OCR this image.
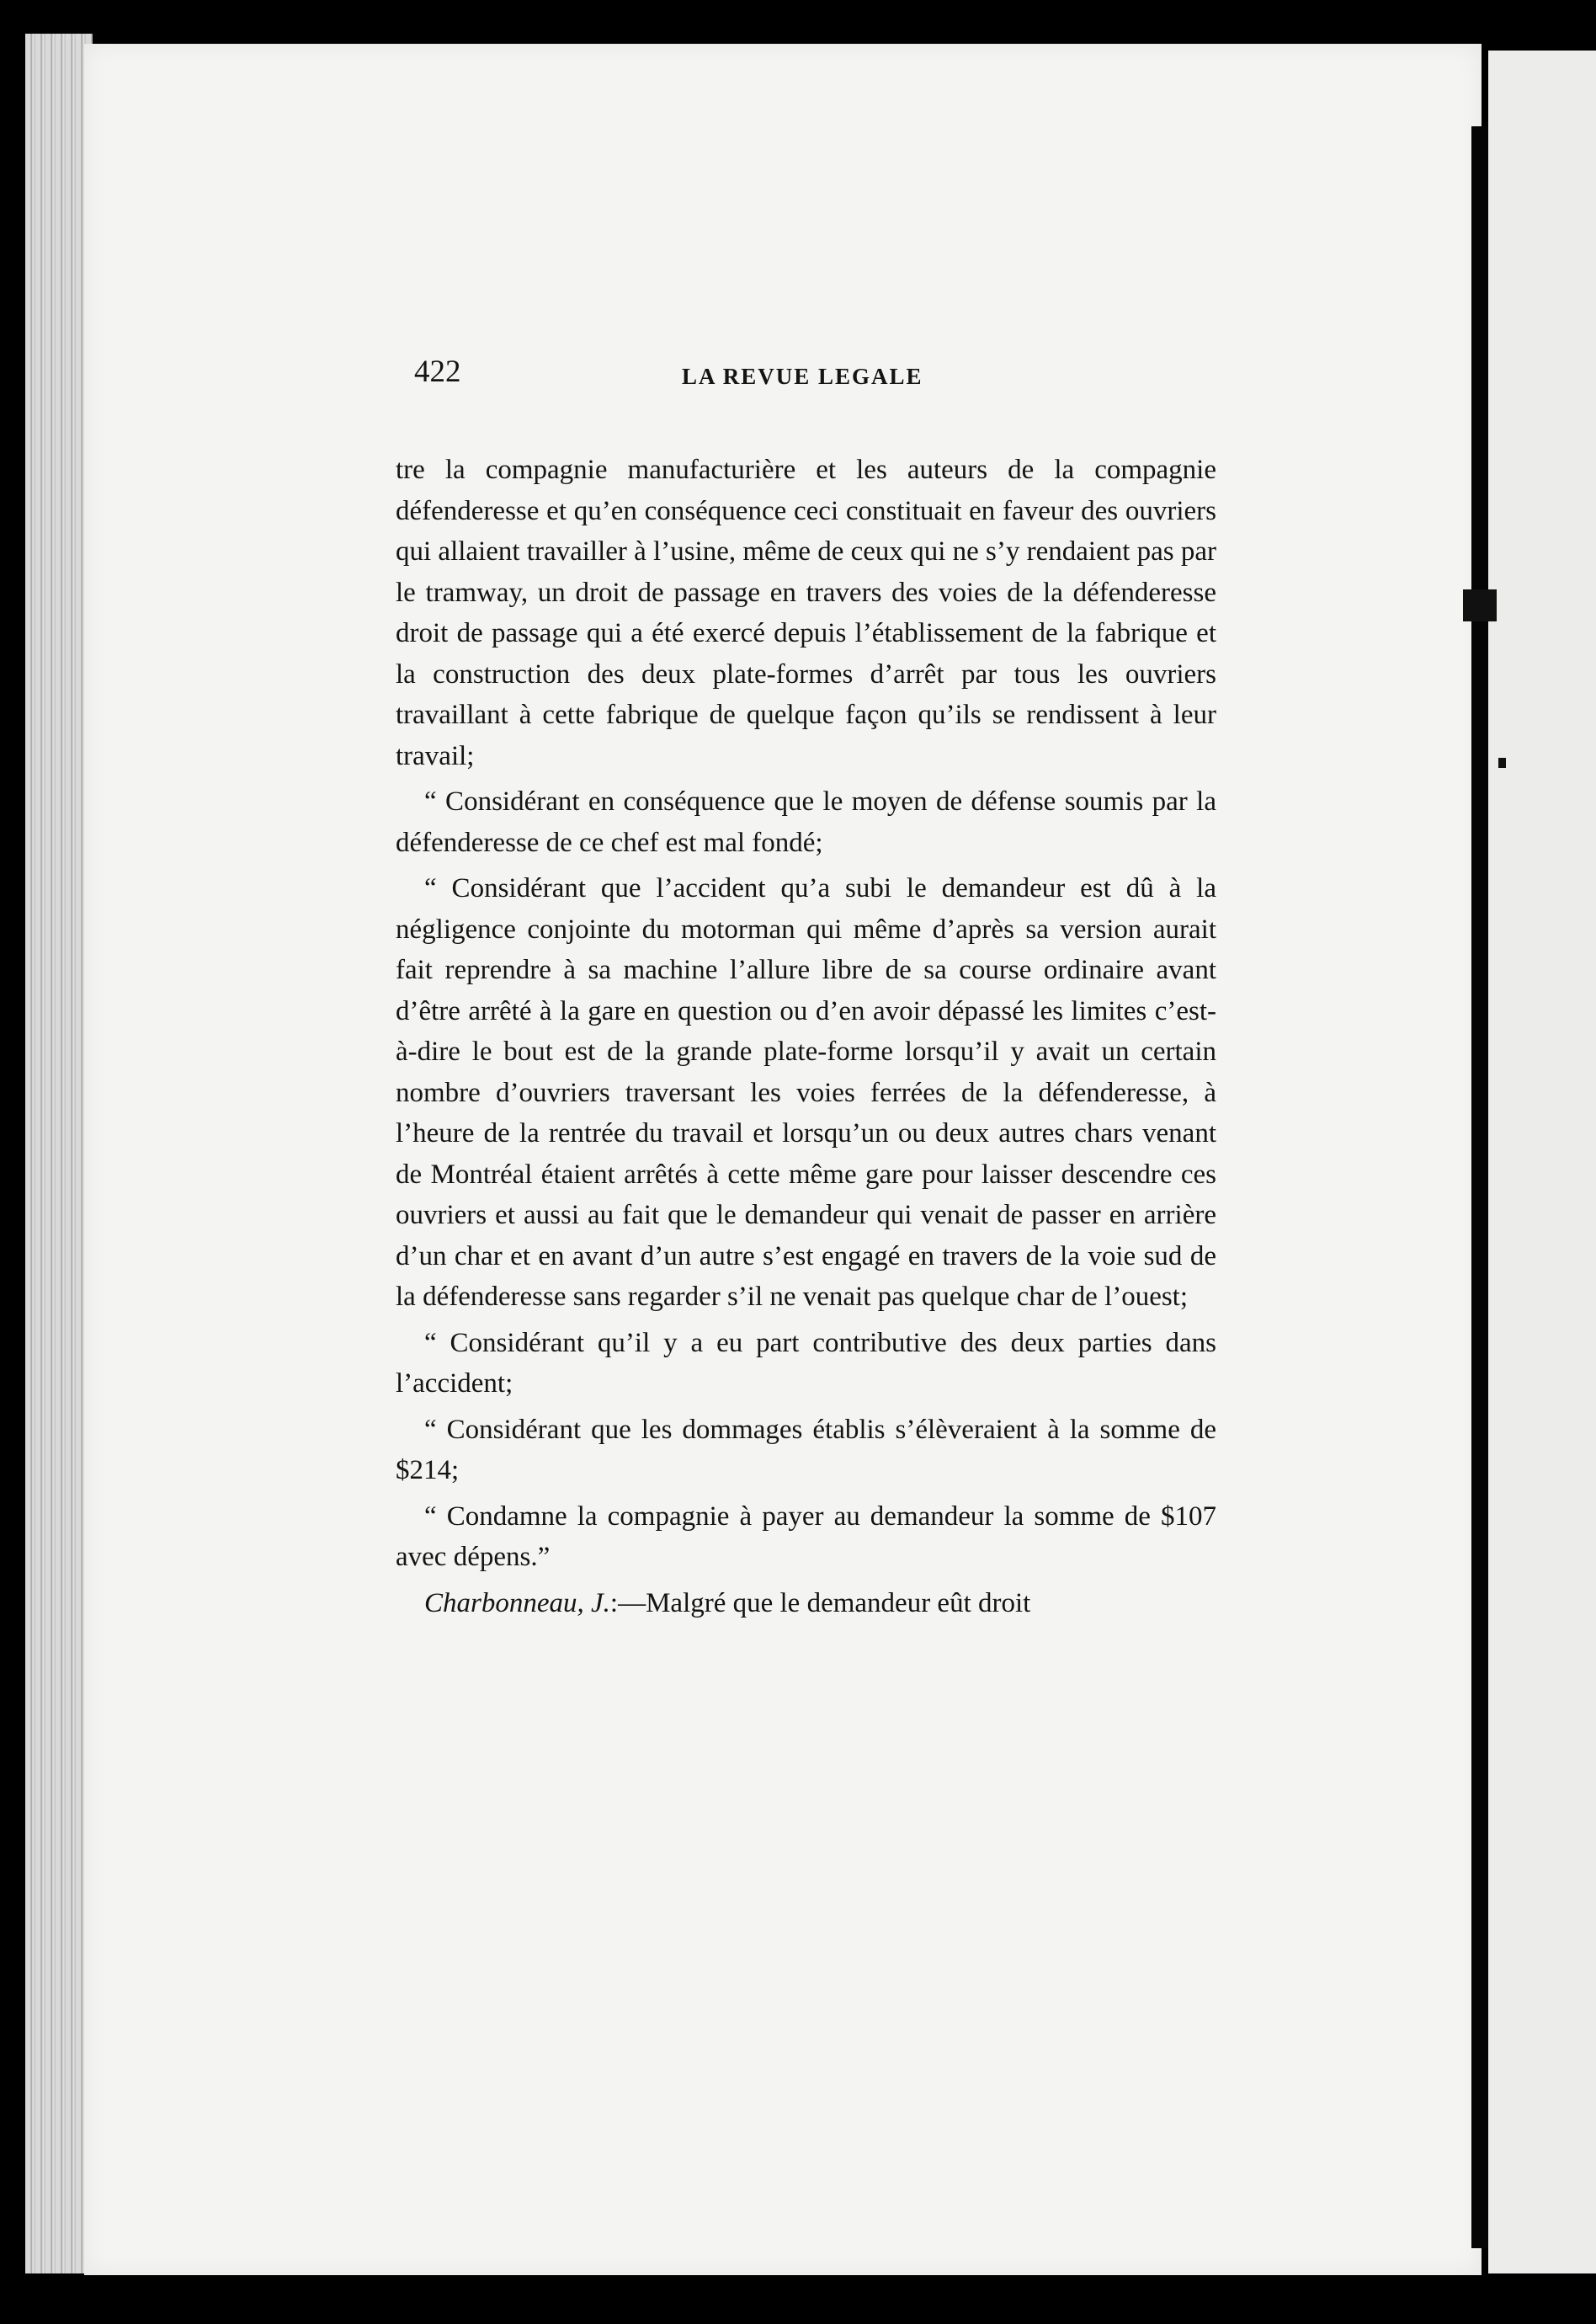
422	LA REVUE LEGALE

tre la compagnie manufacturière et les auteurs de la compagnie défenderesse et qu’en conséquence ceci constituait en faveur des ouvriers qui allaient travailler à l’usine, même de ceux qui ne s’y rendaient pas par le tramway, un droit de passage en travers des voies de la défenderesse droit de passage qui a été exercé depuis l’établissement de la fabrique et la construction des deux plate-formes d’arrêt par tous les ouvriers travaillant à cette fabrique de quelque façon qu’ils se rendissent à leur travail;

“ Considérant en conséquence que le moyen de défense soumis par la défenderesse de ce chef est mal fondé;

“ Considérant que l’accident qu’a subi le demandeur est dû à la négligence conjointe du motorman qui même d’après sa version aurait fait reprendre à sa machine l’allure libre de sa course ordinaire avant d’être arrêté à la gare en question ou d’en avoir dépassé les limites c’est-à-dire le bout est de la grande plate-forme lorsqu’il y avait un certain nombre d’ouvriers traversant les voies ferrées de la défenderesse, à l’heure de la rentrée du travail et lorsqu’un ou deux autres chars venant de Montréal étaient arrêtés à cette même gare pour laisser descendre ces ouvriers et aussi au fait que le demandeur qui venait de passer en arrière d’un char et en avant d’un autre s’est engagé en travers de la voie sud de la défenderesse sans regarder s’il ne venait pas quelque char de l’ouest;

“ Considérant qu’il y a eu part contributive des deux parties dans l’accident;

“ Considérant que les dommages établis s’élèveraient à la somme de $214;

“ Condamne la compagnie à payer au demandeur la somme de $107 avec dépens.”

Charbonneau, J.:—Malgré que le demandeur eût droit
